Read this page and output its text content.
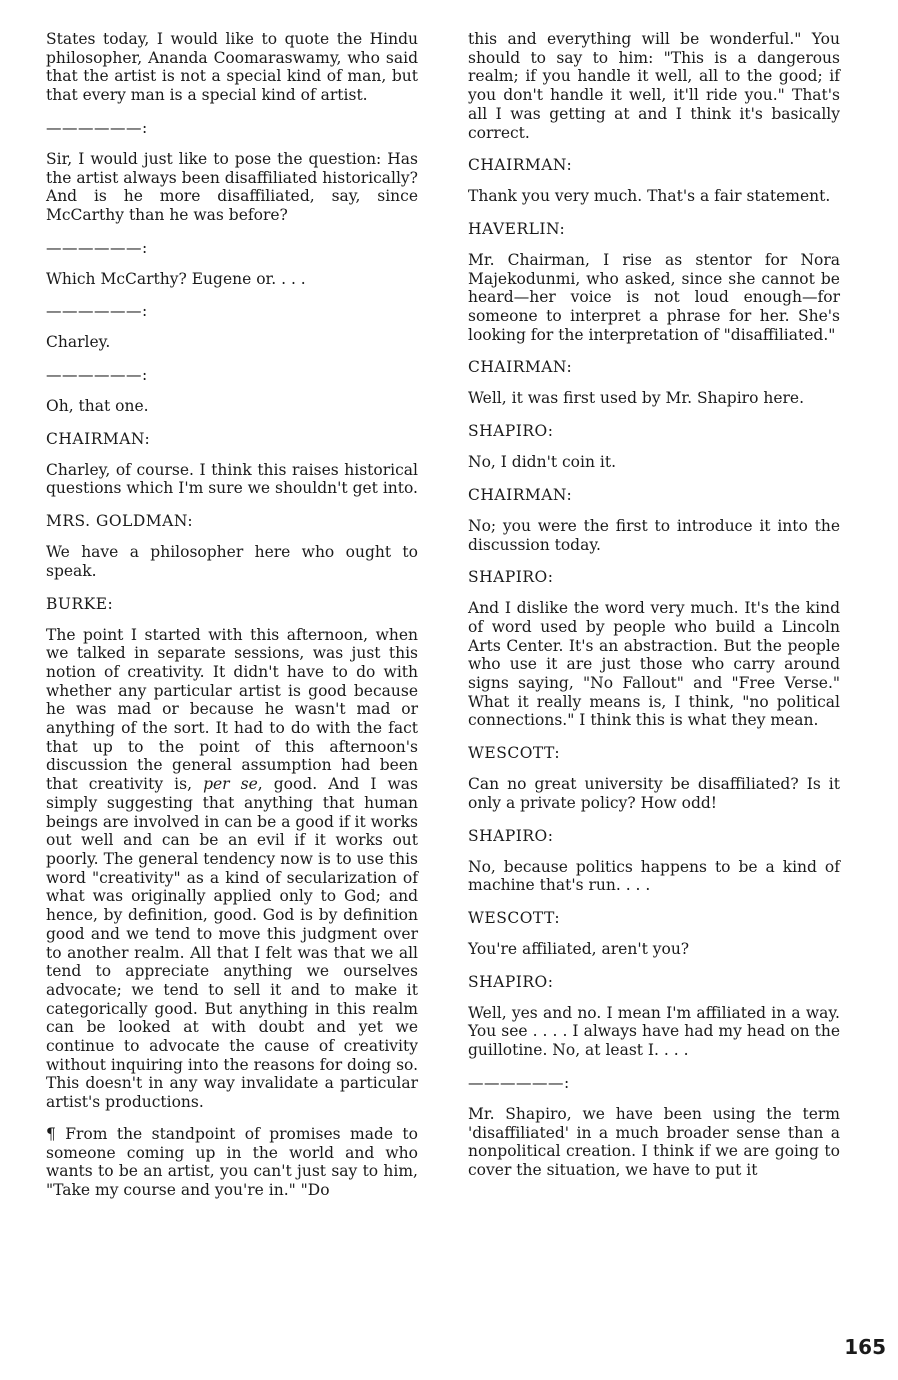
States today, I would like to quote the Hindu philosopher, Ananda Coomaraswamy, who said that the artist is not a special kind of man, but that every man is a special kind of artist.

——————:

Sir, I would just like to pose the question: Has the artist always been disaffiliated historically? And is he more disaffiliated, say, since McCarthy than he was before?

——————:

Which McCarthy? Eugene or. . . .

——————:

Charley.

——————:

Oh, that one.

CHAIRMAN:

Charley, of course. I think this raises historical questions which I'm sure we shouldn't get into.

MRS. GOLDMAN:

We have a philosopher here who ought to speak.

BURKE:

The point I started with this afternoon, when we talked in separate sessions, was just this notion of creativity. It didn't have to do with whether any particular artist is good because he was mad or because he wasn't mad or anything of the sort. It had to do with the fact that up to the point of this afternoon's discussion the general assumption had been that creativity is, per se, good. And I was simply suggesting that anything that human beings are involved in can be a good if it works out well and can be an evil if it works out poorly. The general tendency now is to use this word "creativity" as a kind of secularization of what was originally applied only to God; and hence, by definition, good. God is by definition good and we tend to move this judgment over to another realm. All that I felt was that we all tend to appreciate anything we ourselves advocate; we tend to sell it and to make it categorically good. But anything in this realm can be looked at with doubt and yet we continue to advocate the cause of creativity without inquiring into the reasons for doing so. This doesn't in any way invalidate a particular artist's productions.

¶ From the standpoint of promises made to someone coming up in the world and who wants to be an artist, you can't just say to him, "Take my course and you're in." "Do

this and everything will be wonderful." You should to say to him: "This is a dangerous realm; if you handle it well, all to the good; if you don't handle it well, it'll ride you." That's all I was getting at and I think it's basically correct.

CHAIRMAN:

Thank you very much. That's a fair statement.

HAVERLIN:

Mr. Chairman, I rise as stentor for Nora Majekodunmi, who asked, since she cannot be heard—her voice is not loud enough—for someone to interpret a phrase for her. She's looking for the interpretation of "disaffiliated."

CHAIRMAN:

Well, it was first used by Mr. Shapiro here.

SHAPIRO:

No, I didn't coin it.

CHAIRMAN:

No; you were the first to introduce it into the discussion today.

SHAPIRO:

And I dislike the word very much. It's the kind of word used by people who build a Lincoln Arts Center. It's an abstraction. But the people who use it are just those who carry around signs saying, "No Fallout" and "Free Verse." What it really means is, I think, "no political connections." I think this is what they mean.

WESCOTT:

Can no great university be disaffiliated? Is it only a private policy? How odd!

SHAPIRO:

No, because politics happens to be a kind of machine that's run. . . .

WESCOTT:

You're affiliated, aren't you?

SHAPIRO:

Well, yes and no. I mean I'm affiliated in a way. You see . . . . I always have had my head on the guillotine. No, at least I. . . .

——————:

Mr. Shapiro, we have been using the term 'disaffiliated' in a much broader sense than a nonpolitical creation. I think if we are going to cover the situation, we have to put it

165
